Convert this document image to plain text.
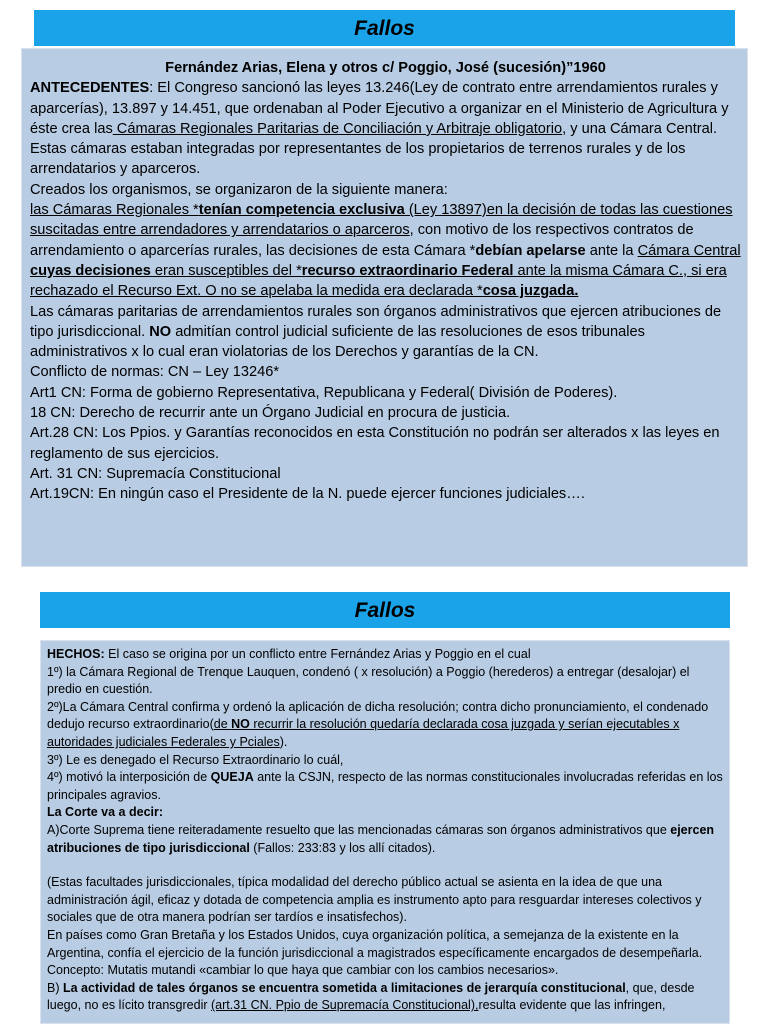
Fallos
Fernández Arias, Elena y otros c/ Poggio, José (sucesión)”1960

ANTECEDENTES: El Congreso sancionó las leyes 13.246(Ley de contrato entre arrendamientos rurales y aparcerías), 13.897 y 14.451, que ordenaban al Poder Ejecutivo a organizar en el Ministerio de Agricultura y éste crea las Cámaras Regionales Paritarias de Conciliación y Arbitraje obligatorio, y una Cámara Central. Estas cámaras estaban integradas por representantes de los propietarios de terrenos rurales y de los arrendatarios y aparceros.

Creados los organismos, se organizaron de la siguiente manera:

las Cámaras Regionales *tenían competencia exclusiva (Ley 13897)en la decisión de todas las cuestiones suscitadas entre arrendadores y arrendatarios o aparceros, con motivo de los respectivos contratos de arrendamiento o aparcerías rurales, las decisiones de esta Cámara *debían apelarse ante la Cámara Central cuyas decisiones eran susceptibles del *recurso extraordinario Federal ante la misma Cámara C., si era rechazado el Recurso Ext. O no se apelaba la medida era declarada *cosa juzgada.

Las cámaras paritarias de arrendamientos rurales son órganos administrativos que ejercen atribuciones de tipo jurisdiccional. NO admitían control judicial suficiente de las resoluciones de esos tribunales administrativos x lo cual eran violatorias de los Derechos y garantías de la CN.

Conflicto de normas: CN – Ley 13246*

Art1 CN: Forma de gobierno Representativa, Republicana y Federal( División de Poderes).

18 CN: Derecho de recurrir ante un Órgano Judicial en procura de justicia.

Art.28 CN: Los Ppios. y Garantías reconocidos en esta Constitución no podrán ser alterados x las leyes en reglamento de sus ejercicios.

Art. 31 CN: Supremacía Constitucional

Art.19CN: En ningún caso el Presidente de la N. puede ejercer funciones judiciales….

Fallos

HECHOS: El caso se origina por un conflicto entre Fernández Arias y Poggio en el cual

1º) la Cámara Regional de Trenque Lauquen, condenó ( x resolución) a Poggio (herederos) a entregar (desalojar) el predio en cuestión.

2º)La Cámara Central confirma y ordenó la aplicación de dicha resolución; contra dicho pronunciamiento, el condenado dedujo recurso extraordinario(de NO recurrir la resolución quedaría declarada cosa juzgada y serían ejecutables x autoridades judiciales Federales y Pciales).

3º) Le es denegado el Recurso Extraordinario lo cuál,

4º) motivó la interposición de QUEJA ante la CSJN, respecto de las normas constitucionales involucradas referidas en los principales agravios.

La Corte va a decir:

A)Corte Suprema tiene reiteradamente resuelto que las mencionadas cámaras son órganos administrativos que ejercen atribuciones de tipo jurisdiccional (Fallos: 233:83 y los allí citados).

(Estas facultades jurisdiccionales, típica modalidad del derecho público actual se asienta en la idea de que una administración ágil, eficaz y dotada de competencia amplia es instrumento apto para resguardar intereses colectivos y sociales que de otra manera podrían ser tardíos e insatisfechos).

En países como Gran Bretaña y los Estados Unidos, cuya organización política, a semejanza de la existente en la Argentina, confía el ejercicio de la función jurisdiccional a magistrados específicamente encargados de desempeñarla. Concepto: Mutatis mutandi «cambiar lo que haya que cambiar con los cambios necesarios».

B) La actividad de tales órganos se encuentra sometida a limitaciones de jerarquía constitucional, que, desde luego, no es lícito transgredir (art.31 CN. Ppio de Supremacía Constitucional),resulta evidente que las infringen,
